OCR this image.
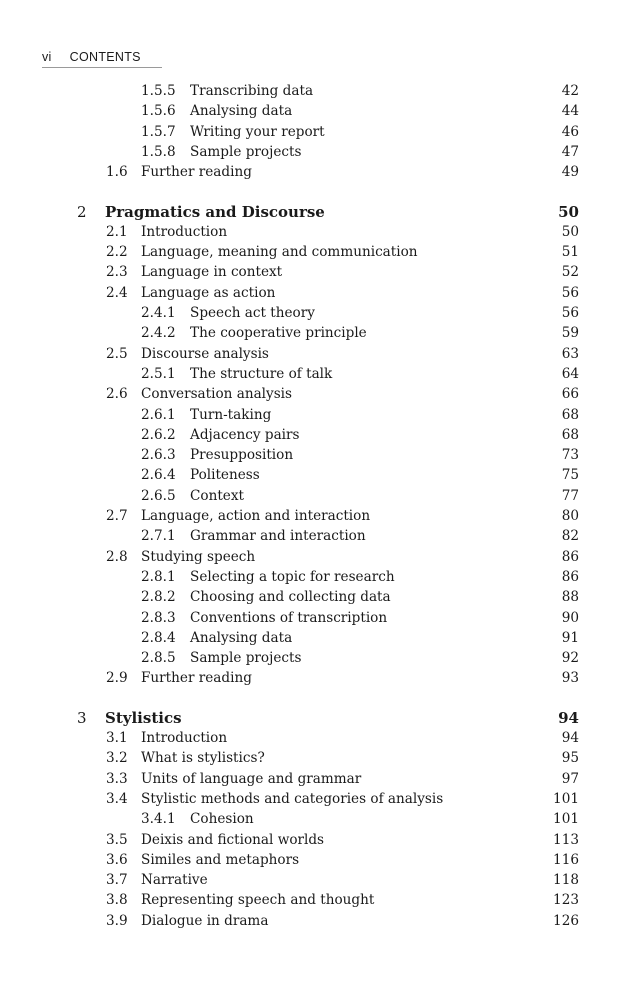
vi CONTENTS
1.5.5 Transcribing data	42
1.5.6 Analysing data	44
1.5.7 Writing your report	46
1.5.8 Sample projects	47
1.6 Further reading	49
2 Pragmatics and Discourse	50
2.1 Introduction	50
2.2 Language, meaning and communication	51
2.3 Language in context	52
2.4 Language as action	56
2.4.1 Speech act theory	56
2.4.2 The cooperative principle	59
2.5 Discourse analysis	63
2.5.1 The structure of talk	64
2.6 Conversation analysis	66
2.6.1 Turn-taking	68
2.6.2 Adjacency pairs	68
2.6.3 Presupposition	73
2.6.4 Politeness	75
2.6.5 Context	77
2.7 Language, action and interaction	80
2.7.1 Grammar and interaction	82
2.8 Studying speech	86
2.8.1 Selecting a topic for research	86
2.8.2 Choosing and collecting data	88
2.8.3 Conventions of transcription	90
2.8.4 Analysing data	91
2.8.5 Sample projects	92
2.9 Further reading	93
3 Stylistics	94
3.1 Introduction	94
3.2 What is stylistics?	95
3.3 Units of language and grammar	97
3.4 Stylistic methods and categories of analysis	101
3.4.1 Cohesion	101
3.5 Deixis and fictional worlds	113
3.6 Similes and metaphors	116
3.7 Narrative	118
3.8 Representing speech and thought	123
3.9 Dialogue in drama	126
